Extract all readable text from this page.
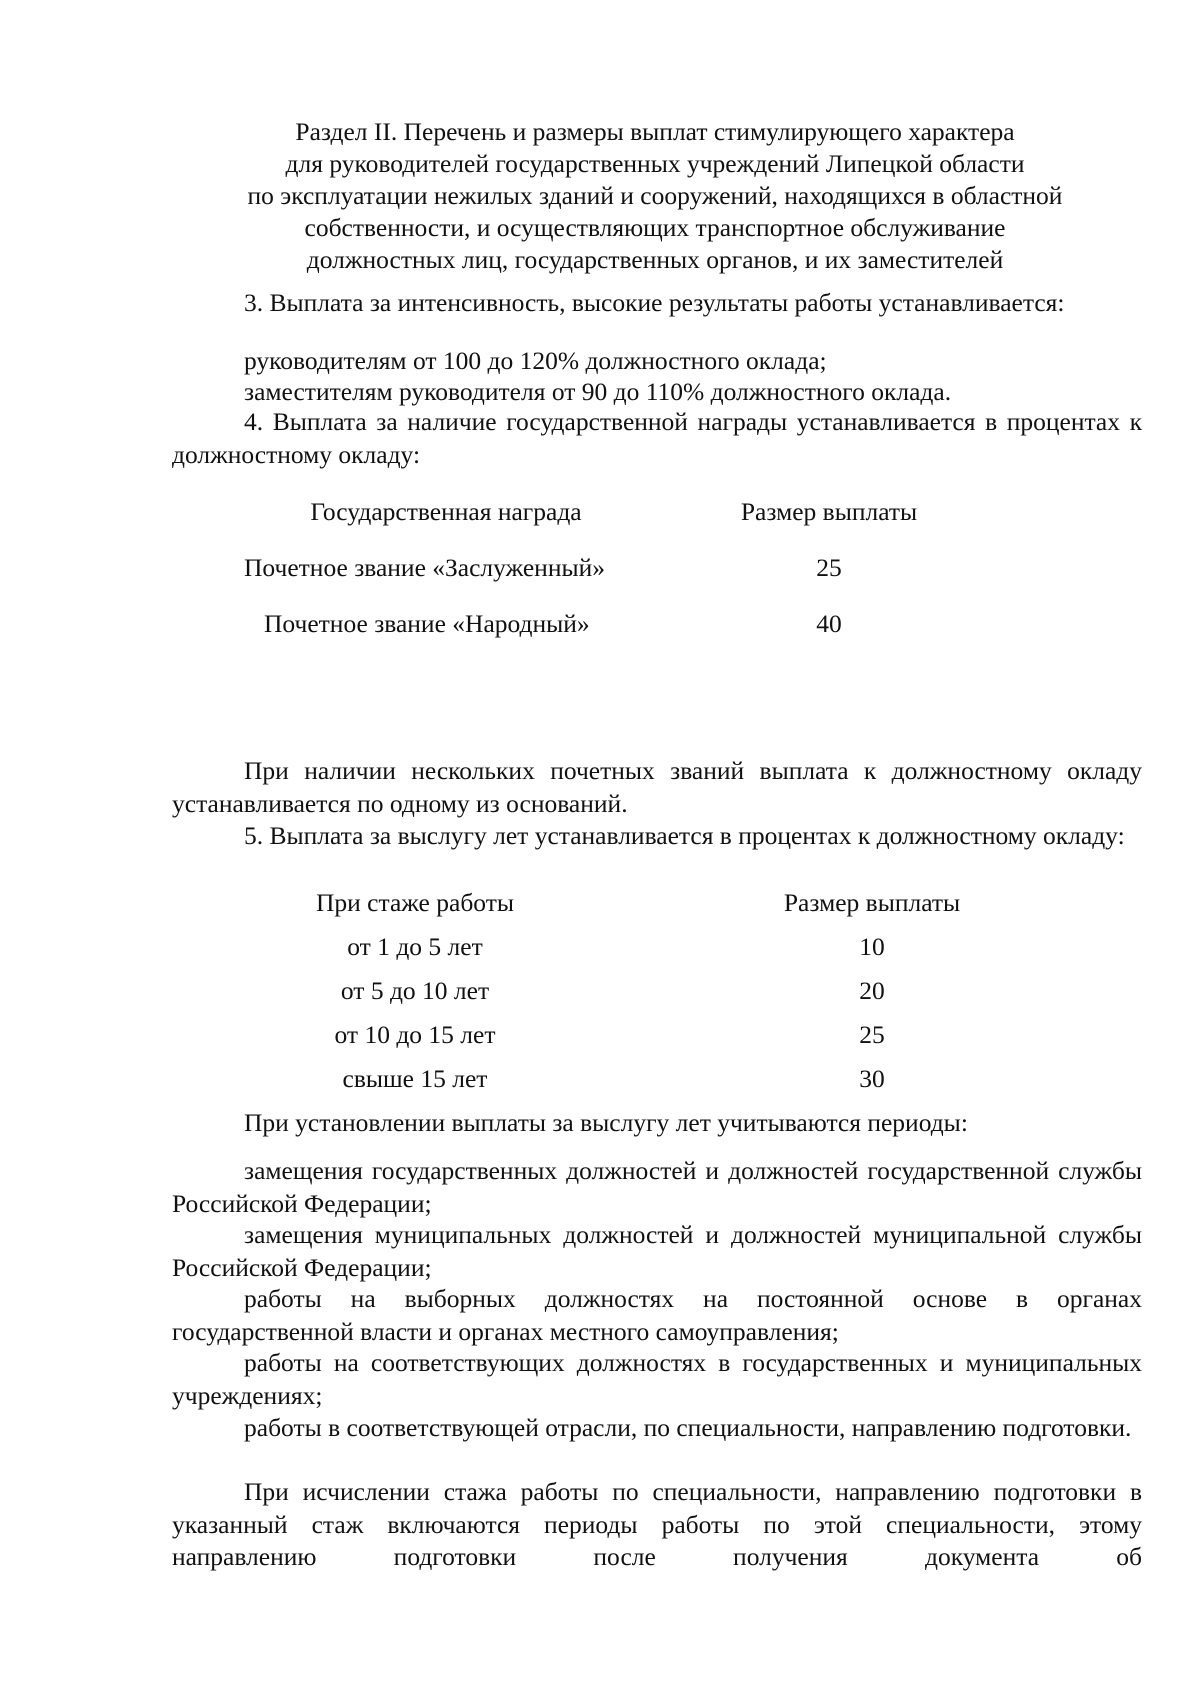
Раздел II. Перечень и размеры выплат стимулирующего характера
для руководителей государственных учреждений Липецкой области
по эксплуатации нежилых зданий и сооружений, находящихся в областной
собственности, и осуществляющих транспортное обслуживание
должностных лиц, государственных органов, и их заместителей
3. Выплата за интенсивность, высокие результаты работы устанавливается:
руководителям от 100 до 120% должностного оклада;
заместителям руководителя от 90 до 110% должностного оклада.
4. Выплата за наличие государственной награды устанавливается в процентах к должностному окладу:
Государственная награда	Размер выплаты
Почетное звание «Заслуженный»	25
Почетное звание «Народный»	40
При наличии нескольких почетных званий выплата к должностному окладу устанавливается по одному из оснований.
5. Выплата за выслугу лет устанавливается в процентах к должностному окладу:
При стаже работы	Размер выплаты
от 1 до 5 лет	10
от 5 до 10 лет	20
от 10 до 15 лет	25
свыше 15 лет	30
При установлении выплаты за выслугу лет учитываются периоды:
замещения государственных должностей и должностей государственной службы Российской Федерации;
замещения муниципальных должностей и должностей муниципальной службы Российской Федерации;
работы на выборных должностях на постоянной основе в органах государственной власти и органах местного самоуправления;
работы на соответствующих должностях в государственных и муниципальных учреждениях;
работы в соответствующей отрасли, по специальности, направлению подготовки.
При исчислении стажа работы по специальности, направлению подготовки в указанный стаж включаются периоды работы по этой специальности, этому направлению подготовки после получения документа об
